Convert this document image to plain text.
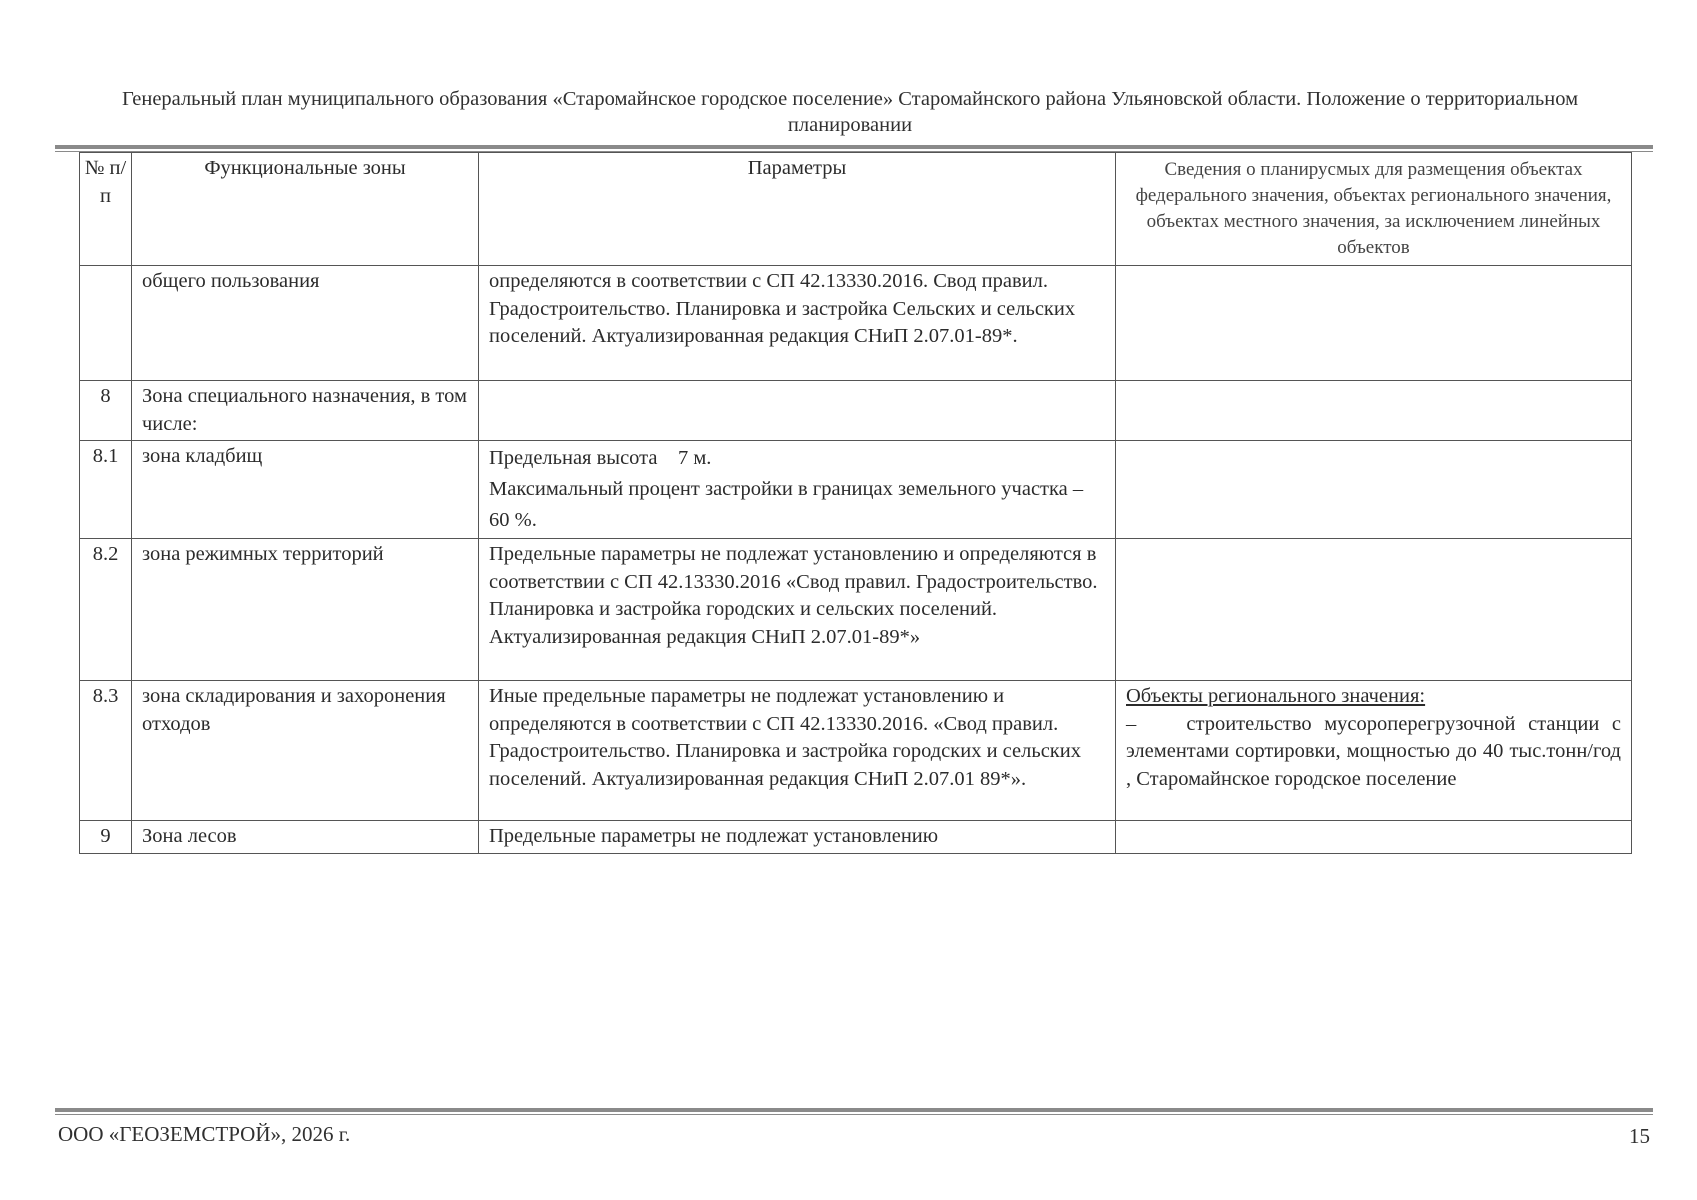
Генеральный план муниципального образования «Старомайнское городское поселение» Старомайнского района Ульяновской области. Положение о территориальном планировании
№ п/п	Функциональные зоны	Параметры	Сведения о планирусмых для размещения объектах федерального значения, объектах регионального значения, объектах местного значения, за исключением линейных объектов
	общего пользования	определяются в соответствии с СП 42.13330.2016. Свод правил. Градостроительство. Планировка и застройка Сельских и сельских поселений. Актуализированная редакция СНиП 2.07.01-89*.	
8	Зона специального назначения, в том числе:		
8.1	зона кладбищ	Предельная высота    7 м.
Максимальный процент застройки в границах земельного участка – 60 %.	

8.2	зона режимных территорий	Предельные параметры не подлежат установлению и определяются в соответствии с СП 42.13330.2016 «Свод правил. Градостроительство. Планировка и застройка городских и сельских поселений. Актуализированная редакция СНиП 2.07.01-89*»	
8.3	зона складирования и захоронения отходов	Иные предельные параметры не подлежат установлению и определяются в соответствии с СП 42.13330.2016. «Свод правил. Градостроительство. Планировка и застройка городских и сельских поселений. Актуализированная редакция СНиП 2.07.01 89*».	Объекты регионального значения:
–    строительство мусороперегрузочной станции с элементами сортировки, мощностью до 40 тыс.тонн/год , Старомайнское городское поселение

9	Зона лесов	Предельные параметры не подлежат установлению	
ООО «ГЕОЗЕМСТРОЙ», 2026 г.	15
